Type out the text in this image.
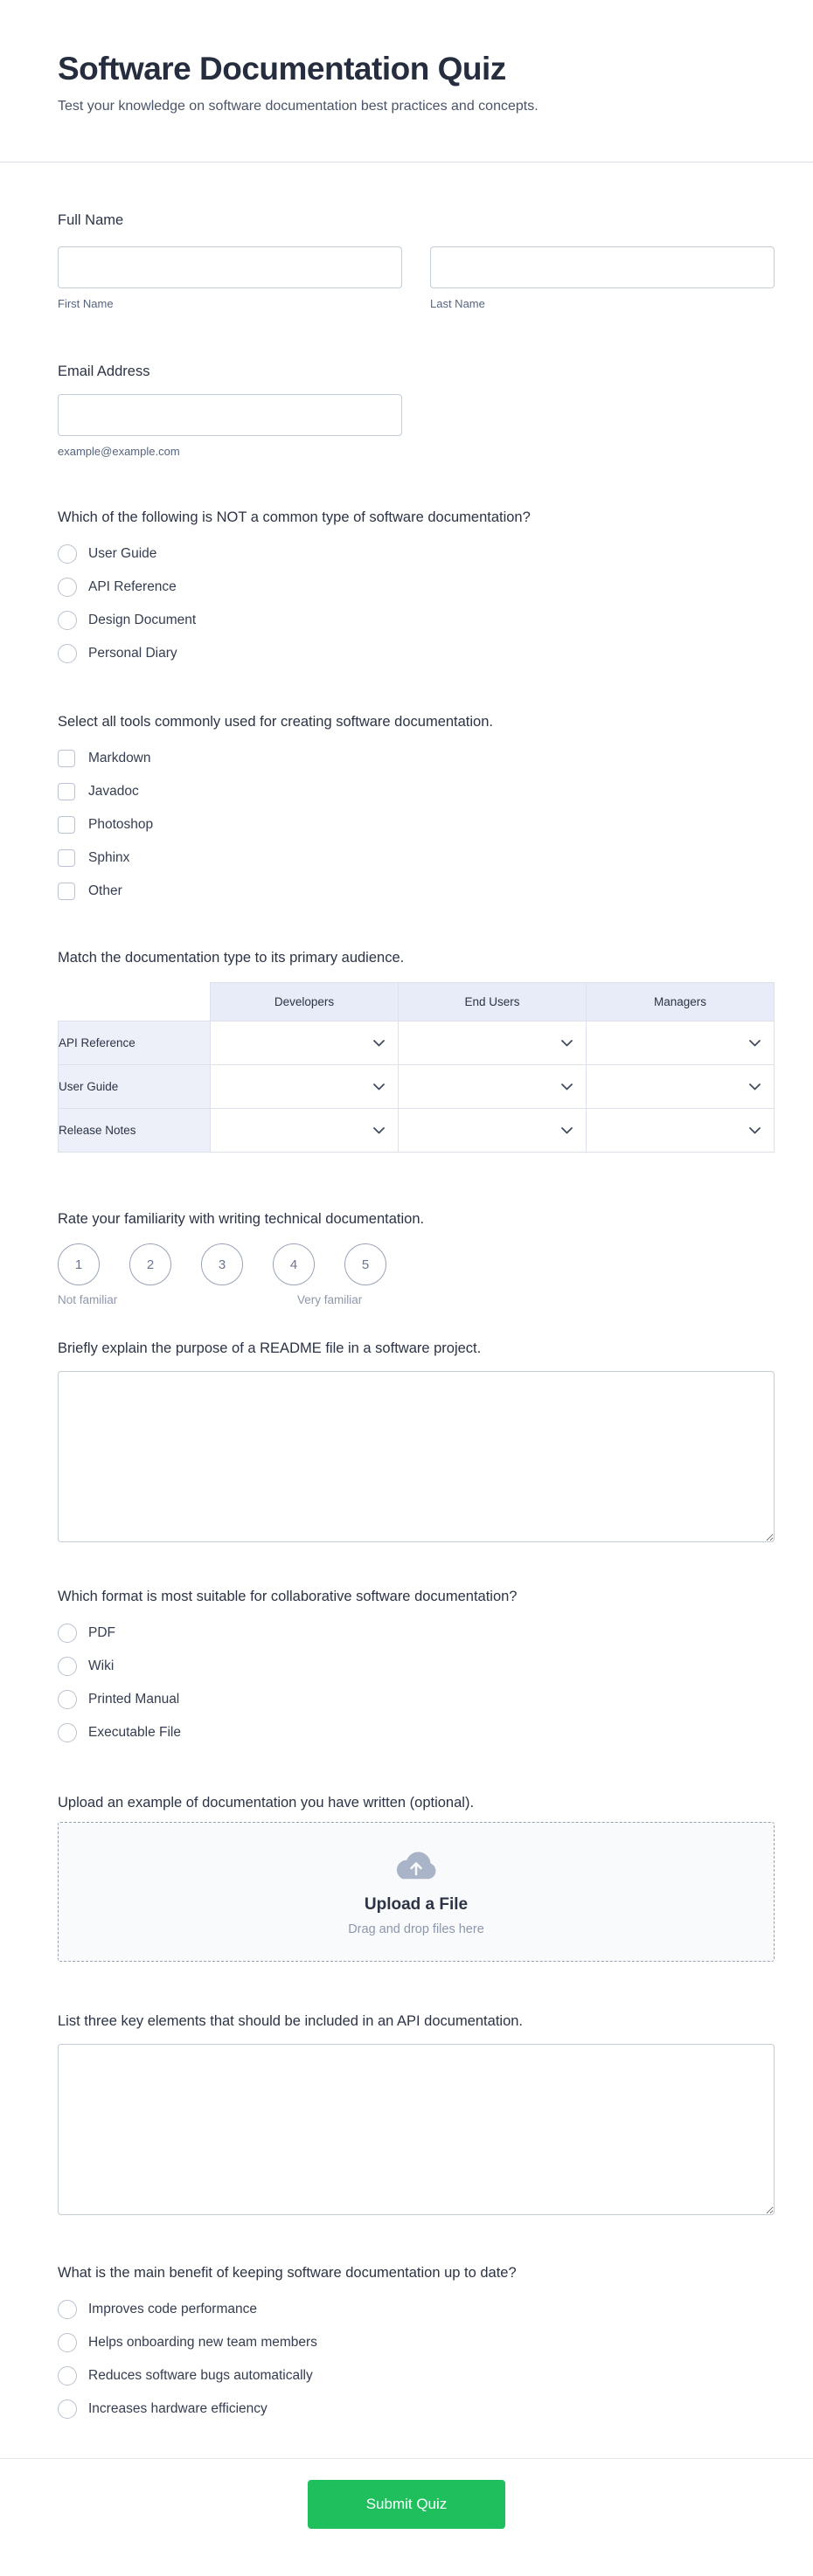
Software Documentation Quiz

Test your knowledge on software documentation best practices and concepts.

Full Name

First Name	Last Name

Email Address

example@example.com

Which of the following is NOT a common type of software documentation?

User Guide
API Reference
Design Document
Personal Diary

Select all tools commonly used for creating software documentation.

Markdown
Javadoc
Photoshop
Sphinx
Other

Match the documentation type to its primary audience.

	Developers	End Users	Managers
API Reference	

User Guide	

Release Notes	

Rate your familiarity with writing technical documentation.

1	2	3	4	5
Not familiar	Very familiar

Briefly explain the purpose of a README file in a software project.

Which format is most suitable for collaborative software documentation?

PDF
Wiki
Printed Manual
Executable File

Upload an example of documentation you have written (optional).

Upload a File
Drag and drop files here

List three key elements that should be included in an API documentation.

What is the main benefit of keeping software documentation up to date?

Improves code performance
Helps onboarding new team members
Reduces software bugs automatically
Increases hardware efficiency
Submit Quiz
